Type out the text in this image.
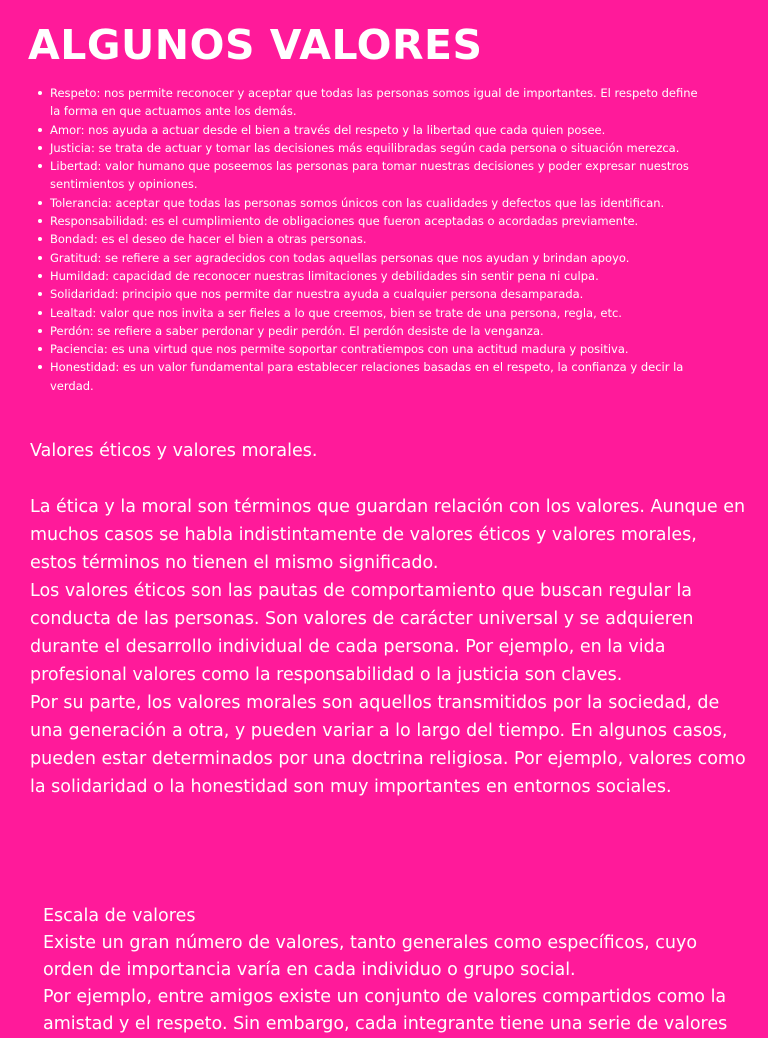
ALGUNOS VALORES
Respeto: nos permite reconocer y aceptar que todas las personas somos igual de importantes. El respeto define la forma en que actuamos ante los demás.
Amor: nos ayuda a actuar desde el bien a través del respeto y la libertad que cada quien posee.
Justicia: se trata de actuar y tomar las decisiones más equilibradas según cada persona o situación merezca.
Libertad: valor humano que poseemos las personas para tomar nuestras decisiones y poder expresar nuestros sentimientos y opiniones.
Tolerancia: aceptar que todas las personas somos únicos con las cualidades y defectos que las identifican.
Responsabilidad: es el cumplimiento de obligaciones que fueron aceptadas o acordadas previamente.
Bondad: es el deseo de hacer el bien a otras personas.
Gratitud: se refiere a ser agradecidos con todas aquellas personas que nos ayudan y brindan apoyo.
Humildad: capacidad de reconocer nuestras limitaciones y debilidades sin sentir pena ni culpa.
Solidaridad: principio que nos permite dar nuestra ayuda a cualquier persona desamparada.
Lealtad: valor que nos invita a ser fieles a lo que creemos, bien se trate de una persona, regla, etc.
Perdón: se refiere a saber perdonar y pedir perdón. El perdón desiste de la venganza.
Paciencia: es una virtud que nos permite soportar contratiempos con una actitud madura y positiva.
Honestidad: es un valor fundamental para establecer relaciones basadas en el respeto, la confianza y decir la verdad.
Valores éticos y valores morales.

La ética y la moral son términos que guardan relación con los valores. Aunque en muchos casos se habla indistintamente de valores éticos y valores morales, estos términos no tienen el mismo significado.

Los valores éticos son las pautas de comportamiento que buscan regular la conducta de las personas. Son valores de carácter universal y se adquieren durante el desarrollo individual de cada persona. Por ejemplo, en la vida profesional valores como la responsabilidad o la justicia son claves.

Por su parte, los valores morales son aquellos transmitidos por la sociedad, de una generación a otra, y pueden variar a lo largo del tiempo. En algunos casos, pueden estar determinados por una doctrina religiosa. Por ejemplo, valores como la solidaridad o la honestidad son muy importantes en entornos sociales.

Escala de valores

Existe un gran número de valores, tanto generales como específicos, cuyo orden de importancia varía en cada individuo o grupo social.

Por ejemplo, entre amigos existe un conjunto de valores compartidos como la amistad y el respeto. Sin embargo, cada integrante tiene una serie de valores
